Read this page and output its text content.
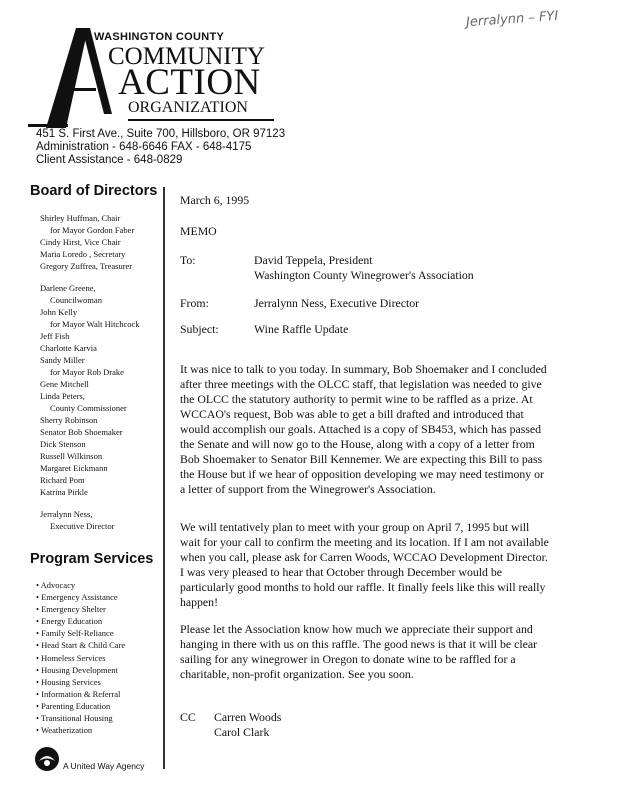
Jerralynn – FYI
WASHINGTON COUNTY
COMMUNITY
ACTION
ORGANIZATION
451 S. First Ave., Suite 700, Hillsboro, OR 97123
Administration - 648-6646 FAX - 648-4175
Client Assistance - 648-0829
Board of Directors
Shirley Huffman, Chair
for Mayor Gordon Faber
Cindy Hirst, Vice Chair
Maria Loredo , Secretary
Gregory Zuffrea, Treasurer
Darlene Greene,
Councilwoman
John Kelly
for Mayor Walt Hitchcock
Jeff Fish
Charlotte Karvia
Sandy Miller
for Mayor Rob Drake
Gene Mitchell
Linda Peters,
County Commissioner
Sherry Robinson
Senator Bob Shoemaker
Dick Stenson
Russell Wilkinson
Margaret Eickmann
Richard Pom
Katrina Pirkle
Jerralynn Ness,
Executive Director
Program Services
• Advocacy
• Emergency Assistance
• Emergency Shelter
• Energy Education
• Family Self-Reliance
• Head Start & Child Care
• Homeless Services
• Housing Development
• Housing Services
• Information & Referral
• Parenting Education
• Transitional Housing
• Weatherization
A United Way Agency
March 6, 1995
MEMO
To:	David Teppela, President
Washington County Winegrower's Association
From:	Jerralynn Ness, Executive Director
Subject:	Wine Raffle Update
It was nice to talk to you today. In summary, Bob Shoemaker and I concluded after three meetings with the OLCC staff, that legislation was needed to give the OLCC the statutory authority to permit wine to be raffled as a prize. At WCCAO's request, Bob was able to get a bill drafted and introduced that would accomplish our goals. Attached is a copy of SB453, which has passed the Senate and will now go to the House, along with a copy of a letter from Bob Shoemaker to Senator Bill Kennemer. We are expecting this Bill to pass the House but if we hear of opposition developing we may need testimony or a letter of support from the Winegrower's Association.
We will tentatively plan to meet with your group on April 7, 1995 but will wait for your call to confirm the meeting and its location. If I am not available when you call, please ask for Carren Woods, WCCAO Development Director. I was very pleased to hear that October through December would be particularly good months to hold our raffle. It finally feels like this will really happen!
Please let the Association know how much we appreciate their support and hanging in there with us on this raffle. The good news is that it will be clear sailing for any winegrower in Oregon to donate wine to be raffled for a charitable, non-profit organization. See you soon.
CC Carren Woods
Carol Clark
